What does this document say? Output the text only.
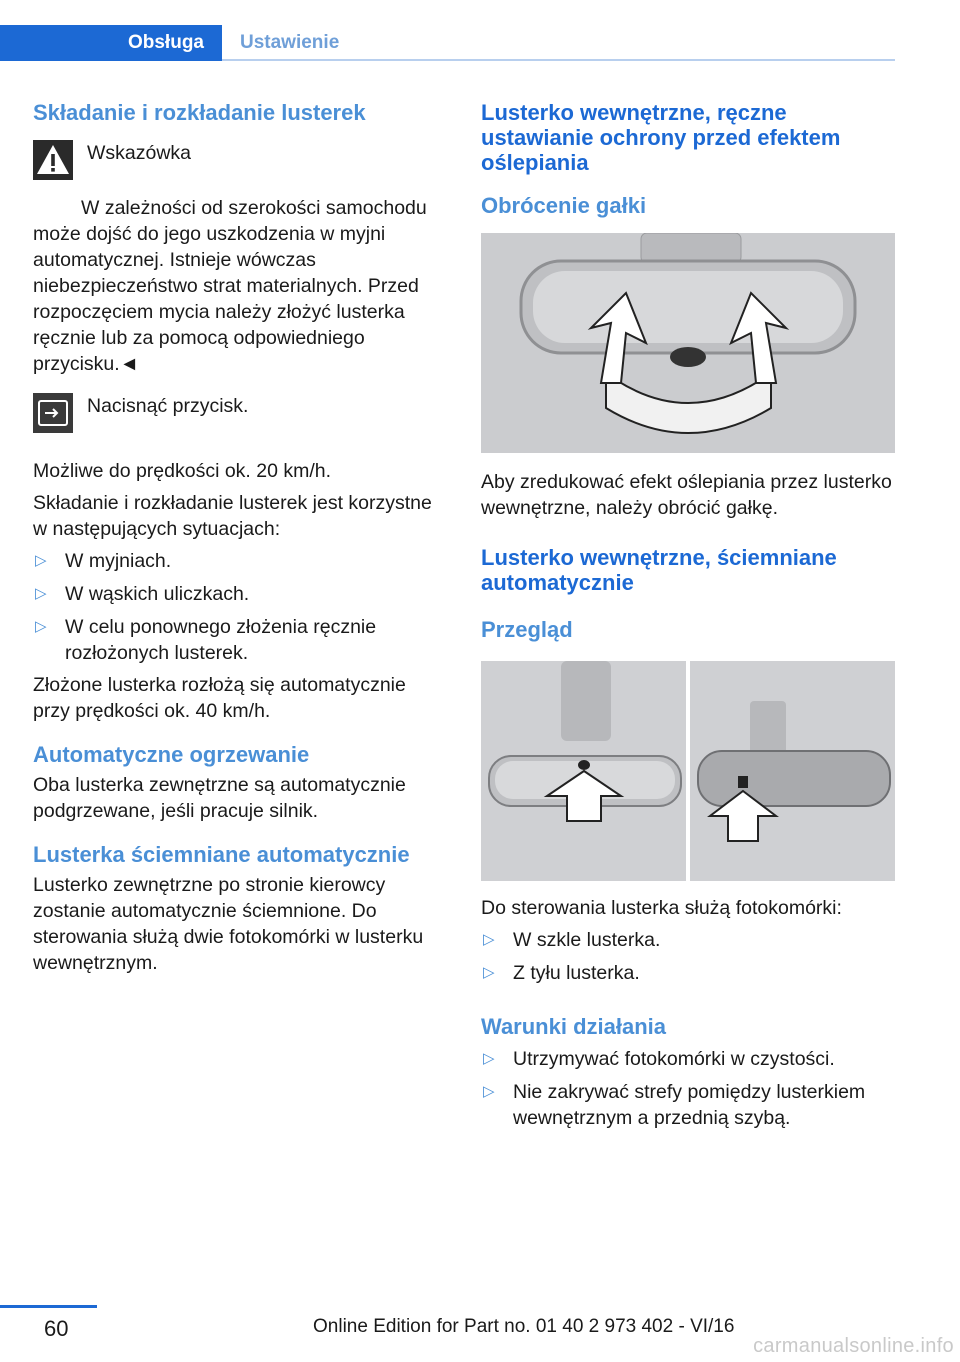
Obsługa	Ustawienie
Składanie i rozkładanie lusterek

Wskazówka

W zależności od szerokości samochodu może dojść do jego uszkodzenia w myjni automatycznej. Istnieje wówczas niebezpieczeństwo strat materialnych. Przed rozpoczęciem mycia należy złożyć lusterka ręcznie lub za pomocą odpowiedniego przycisku.◄

Nacisnąć przycisk.

Możliwe do prędkości ok. 20 km/h.

Składanie i rozkładanie lusterek jest korzystne w następujących sytuacjach:

▷ W myjniach.
▷ W wąskich uliczkach.
▷ W celu ponownego złożenia ręcznie rozłożonych lusterek.

Złożone lusterka rozłożą się automatycznie przy prędkości ok. 40 km/h.

Automatyczne ogrzewanie

Oba lusterka zewnętrzne są automatycznie podgrzewane, jeśli pracuje silnik.

Lusterka ściemniane automatycznie

Lusterko zewnętrzne po stronie kierowcy zostanie automatycznie ściemnione. Do sterowania służą dwie fotokomórki w lusterku wewnętrznym.

Lusterko wewnętrzne, ręczne ustawianie ochrony przed efektem oślepiania
Obrócenie gałki

Aby zredukować efekt oślepiania przez lusterko wewnętrzne, należy obrócić gałkę.

Lusterko wewnętrzne, ściemniane automatycznie
Przegląd

Do sterowania lusterka służą fotokomórki:

▷ W szkle lusterka.
▷ Z tyłu lusterka.
Warunki działania
▷ Utrzymywać fotokomórki w czystości.
▷ Nie zakrywać strefy pomiędzy lusterkiem wewnętrznym a przednią szybą.
60	Online Edition for Part no. 01 40 2 973 402 - VI/16
carmanualsonline.info
